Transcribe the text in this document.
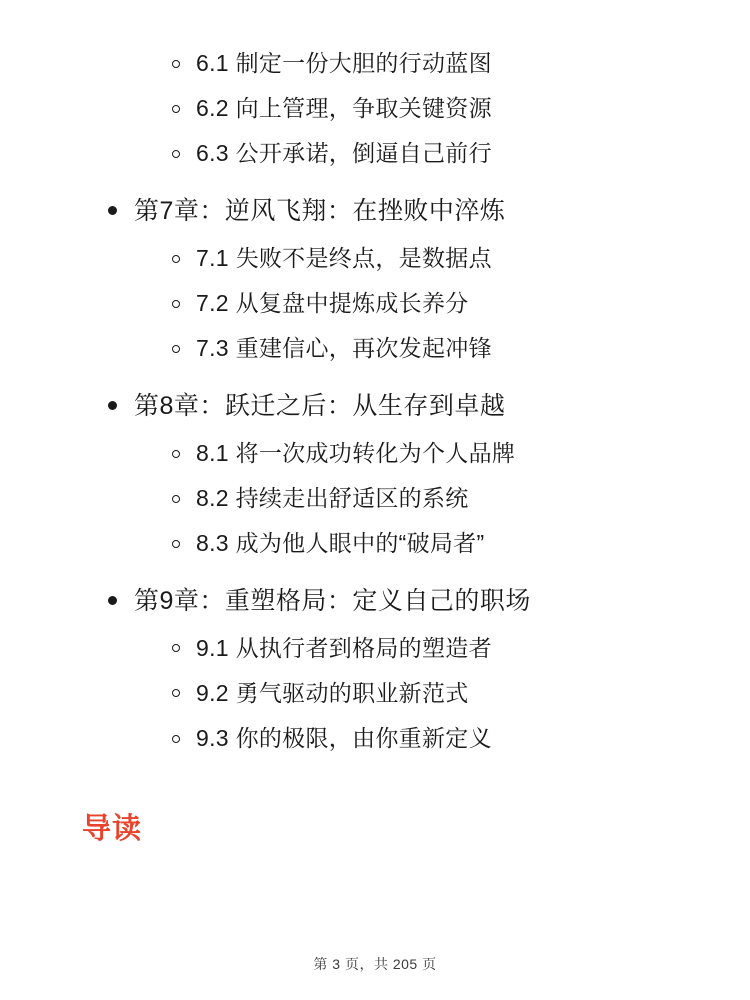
6.1 制定一份大胆的行动蓝图
6.2 向上管理，争取关键资源
6.3 公开承诺，倒逼自己前行
第7章：逆风飞翔：在挫败中淬炼
7.1 失败不是终点，是数据点
7.2 从复盘中提炼成长养分
7.3 重建信心，再次发起冲锋
第8章：跃迁之后：从生存到卓越
8.1 将一次成功转化为个人品牌
8.2 持续走出舒适区的系统
8.3 成为他人眼中的“破局者”
第9章：重塑格局：定义自己的职场
9.1 从执行者到格局的塑造者
9.2 勇气驱动的职业新范式
9.3 你的极限，由你重新定义
导读
第 3 页，共 205 页
